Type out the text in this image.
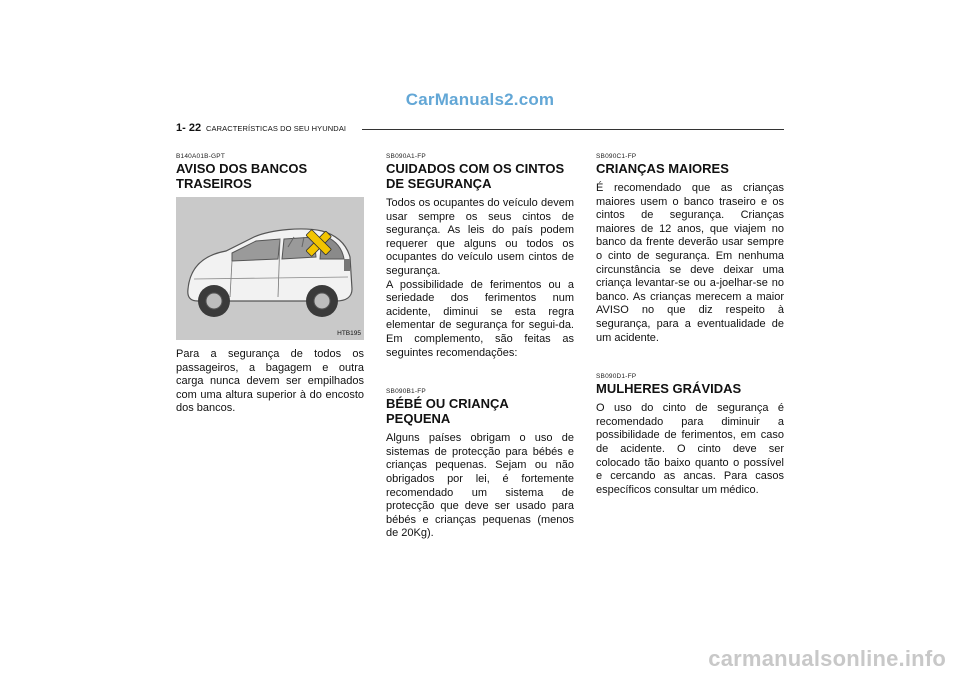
CarManuals2.com
1- 22 CARACTERÍSTICAS DO SEU HYUNDAI
B140A01B-GPT
AVISO DOS BANCOS TRASEIROS
HTB195

Para a segurança de todos os passageiros, a bagagem e outra carga nunca devem ser empilhados com uma altura superior à do encosto dos bancos.

SB090A1-FP
CUIDADOS COM OS CINTOS DE SEGURANÇA

Todos os ocupantes do veículo devem usar sempre os seus cintos de segurança. As leis do país podem requerer que alguns ou todos os ocupantes do veículo usem cintos de segurança.

A possibilidade de ferimentos ou a seriedade dos ferimentos num acidente, diminui se esta regra elementar de segurança for segui-da. Em complemento, são feitas as seguintes recomendações:

SB090B1-FP
BÉBÉ OU CRIANÇA PEQUENA

Alguns países obrigam o uso de sistemas de protecção para bébés e crianças pequenas. Sejam ou não obrigados por lei, é fortemente recomendado um sistema de protecção que deve ser usado para bébés e crianças pequenas (menos de 20Kg).

SB090C1-FP
CRIANÇAS MAIORES

É recomendado que as crianças maiores usem o banco traseiro e os cintos de segurança. Crianças maiores de 12 anos, que viajem no banco da frente deverão usar sempre o cinto de segurança. Em nenhuma circunstância se deve deixar uma criança levantar-se ou a-joelhar-se no banco. As crianças merecem a maior AVISO no que diz respeito à segurança, para a eventualidade de um acidente.

SB090D1-FP
MULHERES GRÁVIDAS

O uso do cinto de segurança é recomendado para diminuir a possibilidade de ferimentos, em caso de acidente. O cinto deve ser colocado tão baixo quanto o possível e cercando as ancas. Para casos específicos consultar um médico.

carmanualsonline.info
